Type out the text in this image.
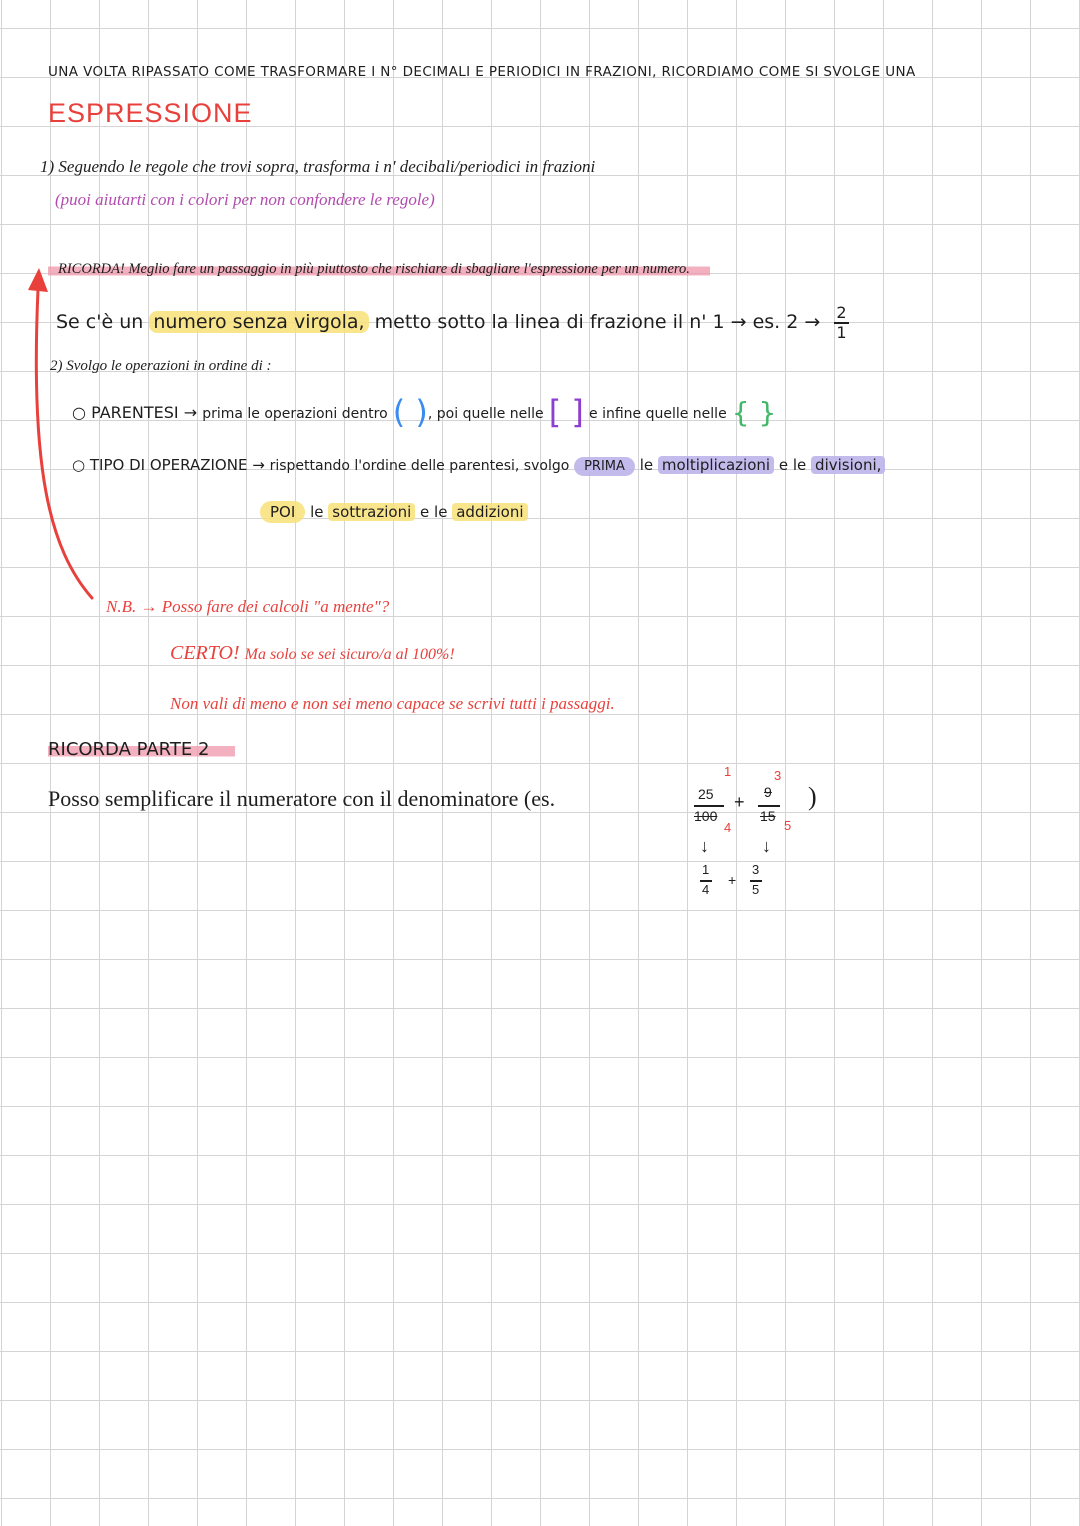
UNA VOLTA RIPASSATO COME TRASFORMARE I N° DECIMALI E PERIODICI IN FRAZIONI, RICORDIAMO COME SI SVOLGE UNA
ESPRESSIONE
1) Seguendo le regole che trovi sopra, trasforma i n' decibali/periodici in frazioni
(puoi aiutarti con i colori per non confondere le regole)
RICORDA! Meglio fare un passaggio in più piuttosto che rischiare di sbagliare l'espressione per un numero.
Se c'è un numero senza virgola, metto sotto la linea di frazione il n' 1 → es. $2 \to \frac{2}{1}$
2) Svolgo le operazioni in ordine di :
○ PARENTESI → prima le operazioni dentro ( ), poi quelle nelle [ ] e infine quelle nelle { }
○ TIPO DI OPERAZIONE → rispettando l'ordine delle parentesi, svolgo PRIMA le moltiplicazioni e le divisioni,
POI le sottrazioni e le addizioni
N.B. → Posso fare dei calcoli "a mente"?
CERTO! Ma solo se sei sicuro/a al 100%!
Non vali di meno e non sei meno capace se scrivi tutti i passaggi.
RICORDA PARTE 2
Posso semplificare il numeratore con il denominatore (es.	)
25
100
1
4
+ 9
15
3
5
↓	↓
1
4
+
3
5
